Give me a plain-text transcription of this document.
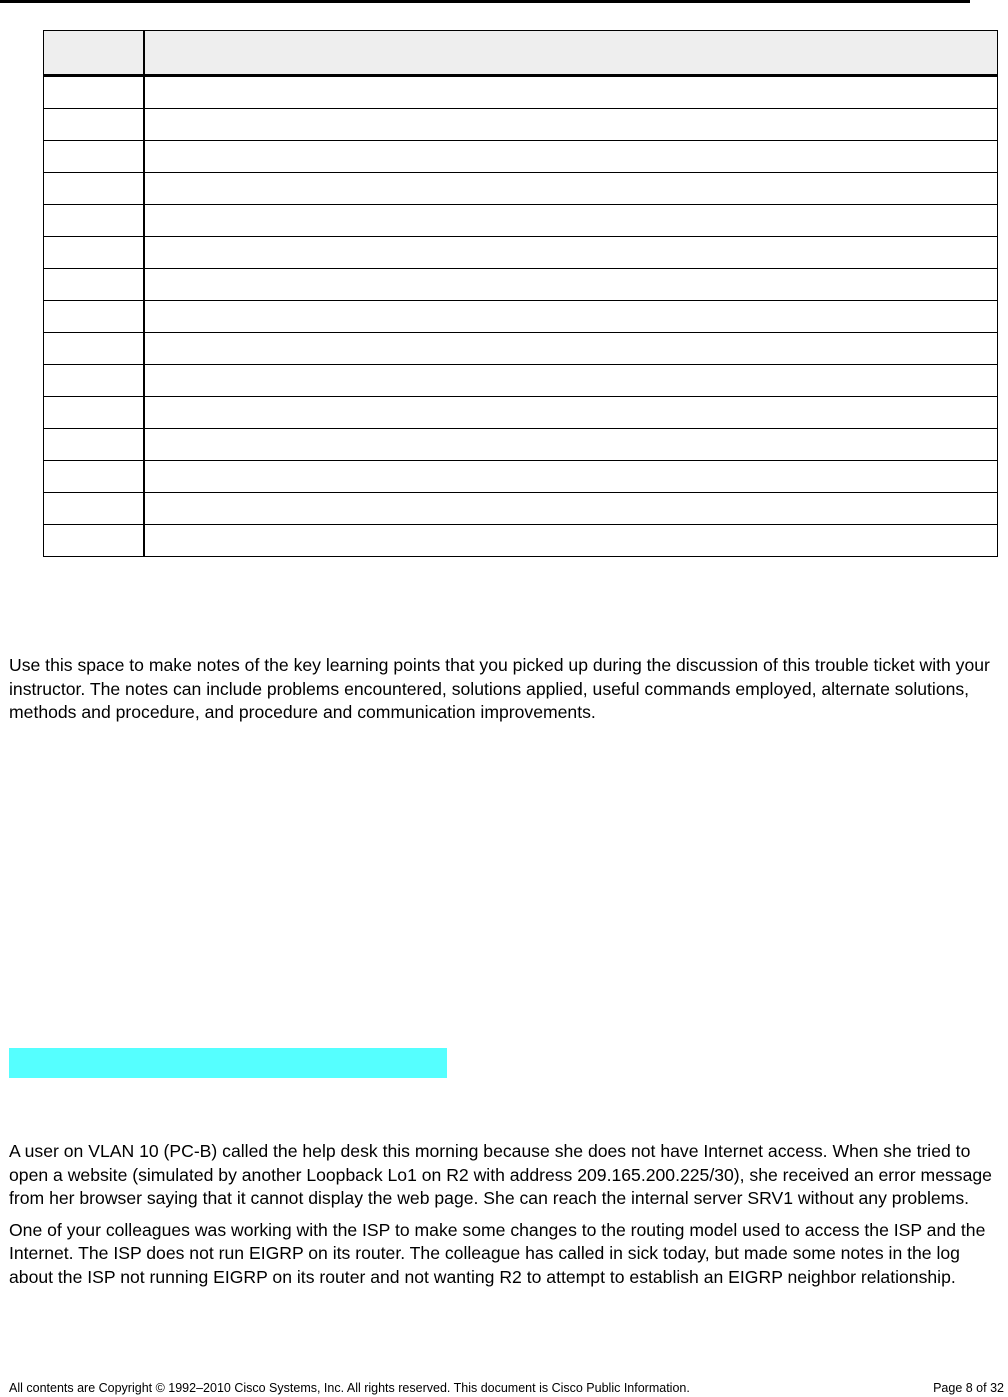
Use this space to make notes of the key learning points that you picked up during the discussion of this trouble ticket with your instructor. The notes can include problems encountered, solutions applied, useful commands employed, alternate solutions, methods and procedure, and procedure and communication improvements.

A user on VLAN 10 (PC-B) called the help desk this morning because she does not have Internet access. When she tried to open a website (simulated by another Loopback Lo1 on R2 with address 209.165.200.225/30), she received an error message from her browser saying that it cannot display the web page. She can reach the internal server SRV1 without any problems.

One of your colleagues was working with the ISP to make some changes to the routing model used to access the ISP and the Internet. The ISP does not run EIGRP on its router. The colleague has called in sick today, but made some notes in the log about the ISP not running EIGRP on its router and not wanting R2 to attempt to establish an EIGRP neighbor relationship.

All contents are Copyright © 1992–2010 Cisco Systems, Inc. All rights reserved. This document is Cisco Public Information.	Page 8 of 32
